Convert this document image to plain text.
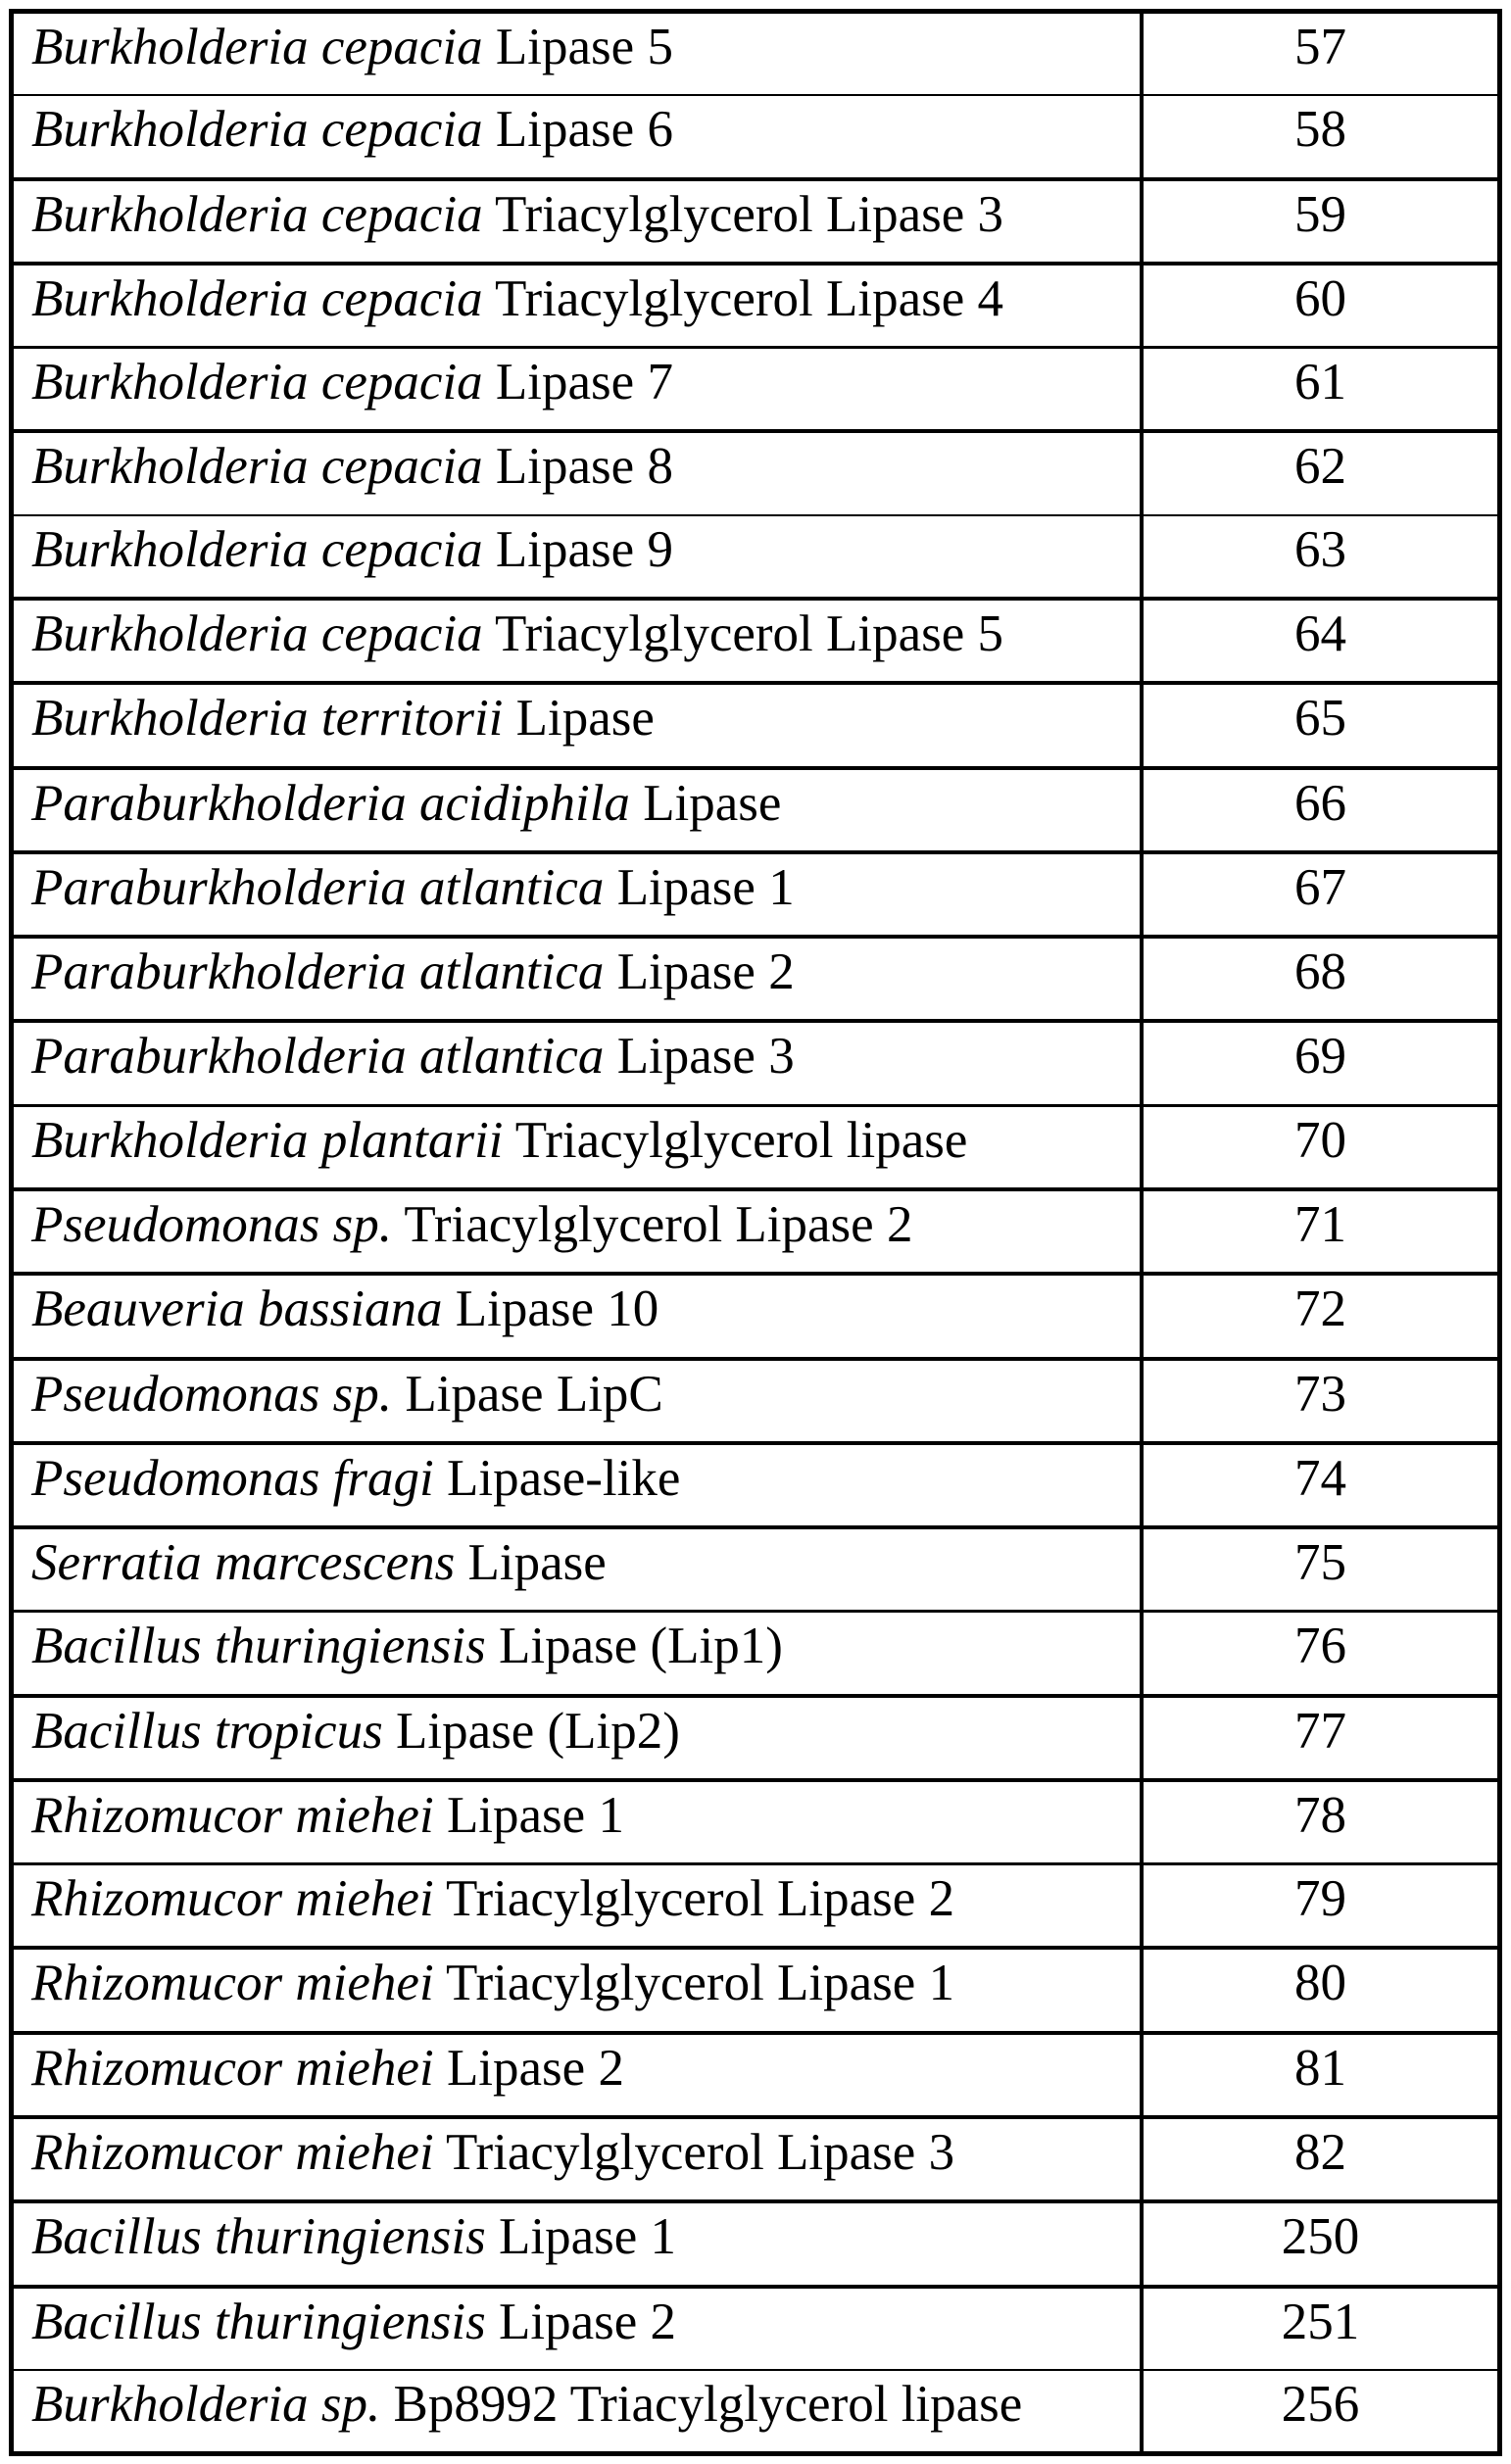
Burkholderia cepacia Lipase 5	57
Burkholderia cepacia Lipase 6	58
Burkholderia cepacia Triacylglycerol Lipase 3	59
Burkholderia cepacia Triacylglycerol Lipase 4	60
Burkholderia cepacia Lipase 7	61
Burkholderia cepacia Lipase 8	62
Burkholderia cepacia Lipase 9	63
Burkholderia cepacia Triacylglycerol Lipase 5	64
Burkholderia territorii Lipase	65
Paraburkholderia acidiphila Lipase	66
Paraburkholderia atlantica Lipase 1	67
Paraburkholderia atlantica Lipase 2	68
Paraburkholderia atlantica Lipase 3	69
Burkholderia plantarii Triacylglycerol lipase	70
Pseudomonas sp. Triacylglycerol Lipase 2	71
Beauveria bassiana Lipase 10	72
Pseudomonas sp. Lipase LipC	73
Pseudomonas fragi Lipase-like	74
Serratia marcescens Lipase	75
Bacillus thuringiensis Lipase (Lip1)	76
Bacillus tropicus Lipase (Lip2)	77
Rhizomucor miehei Lipase 1	78
Rhizomucor miehei Triacylglycerol Lipase 2	79
Rhizomucor miehei Triacylglycerol Lipase 1	80
Rhizomucor miehei Lipase 2	81
Rhizomucor miehei Triacylglycerol Lipase 3	82
Bacillus thuringiensis Lipase 1	250
Bacillus thuringiensis Lipase 2	251
Burkholderia sp. Bp8992 Triacylglycerol lipase	256
